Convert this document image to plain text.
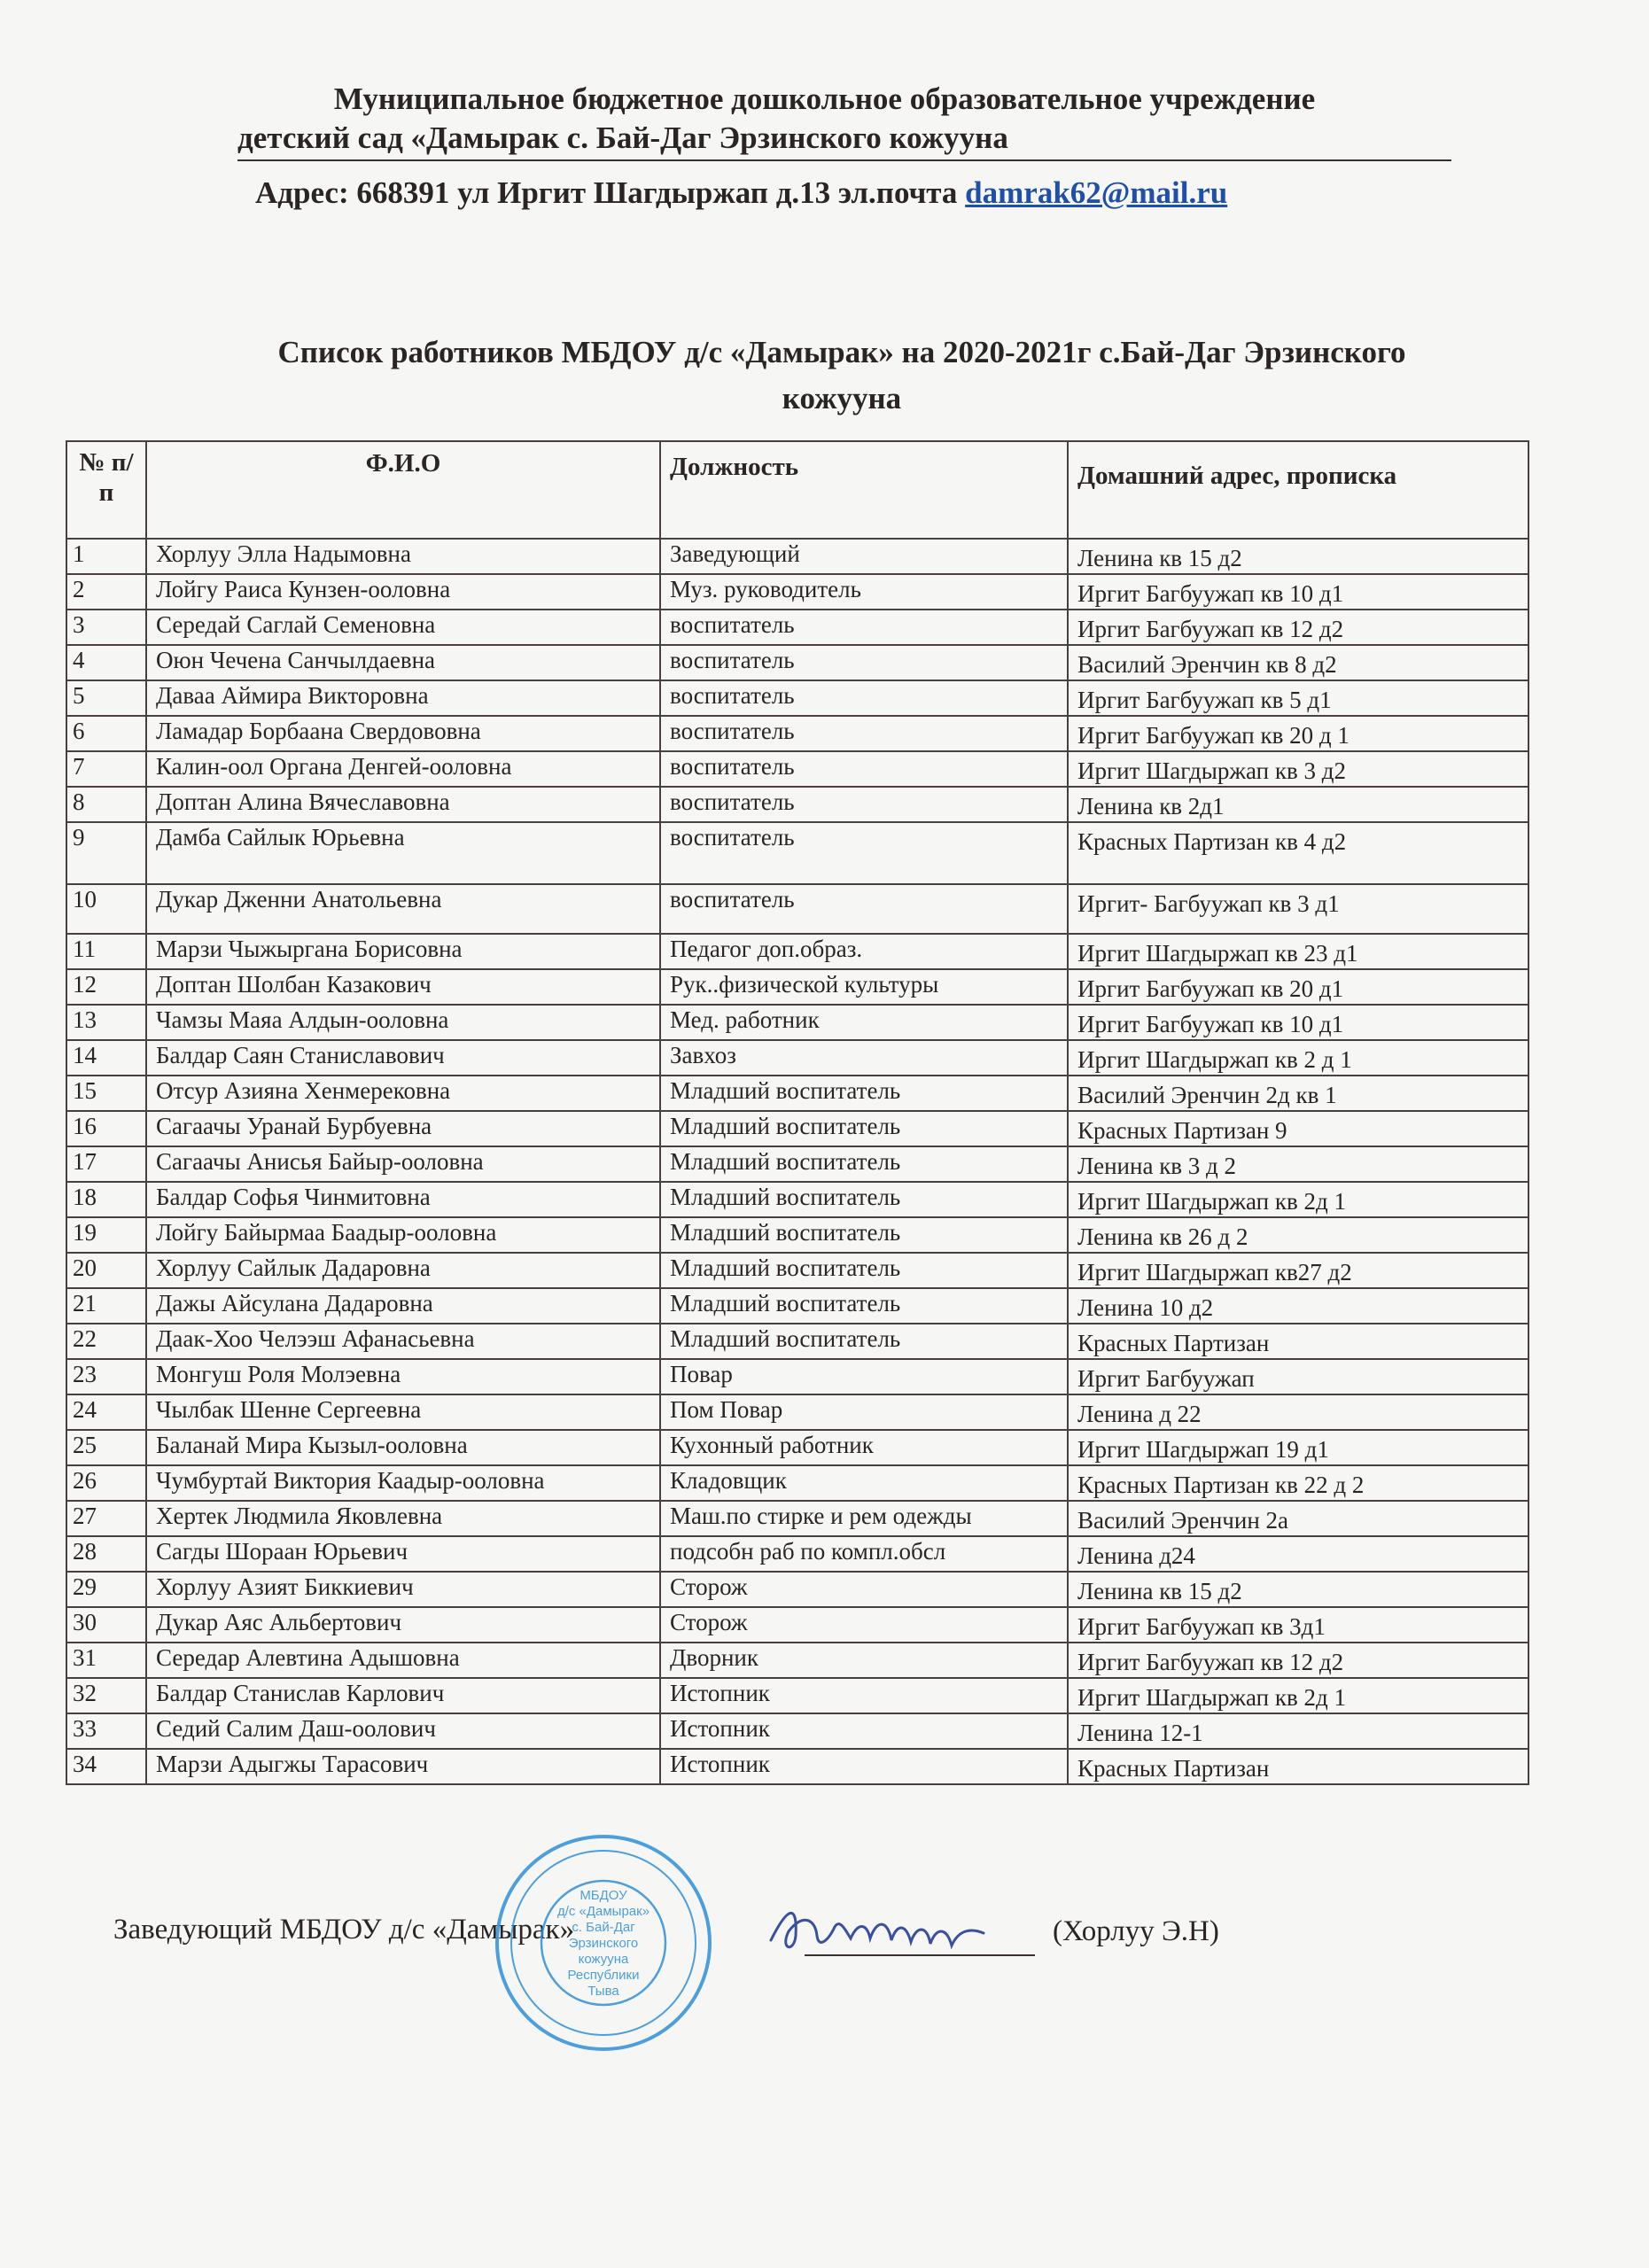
Муниципальное бюджетное дошкольное образовательное учреждение
детский сад «Дамырак с. Бай-Даг Эрзинского кожууна
Адрес: 668391 ул Иргит Шагдыржап д.13 эл.почта damrak62@mail.ru
Список работников МБДОУ д/с «Дамырак» на 2020-2021г с.Бай-Даг Эрзинского
кожууна
№ п/п	Ф.И.О	Должность	Домашний адрес, прописка
1	Хорлуу Элла Надымовна	Заведующий	Ленина кв 15 д2
2	Лойгу Раиса Кунзен-ооловна	Муз. руководитель	Иргит Багбуужап кв 10 д1
3	Середай Саглай Семеновна	воспитатель	Иргит Багбуужап кв 12 д2
4	Оюн Чечена Санчылдаевна	воспитатель	Василий Эренчин кв 8 д2
5	Даваа Аймира Викторовна	воспитатель	Иргит Багбуужап кв 5 д1
6	Ламадар Борбаана Свердововна	воспитатель	Иргит Багбуужап кв 20 д 1
7	Калин-оол Органа Денгей-ооловна	воспитатель	Иргит Шагдыржап кв 3 д2
8	Доптан Алина Вячеславовна	воспитатель	Ленина кв 2д1
9	Дамба Сайлык Юрьевна	воспитатель	Красных Партизан кв 4 д2
10	Дукар Дженни Анатольевна	воспитатель	Иргит- Багбуужап кв 3 д1
11	Марзи Чыжыргана Борисовна	Педагог доп.образ.	Иргит Шагдыржап кв 23 д1
12	Доптан Шолбан Казакович	Рук..физической культуры	Иргит Багбуужап кв 20 д1
13	Чамзы Маяа Алдын-ооловна	Мед. работник	Иргит Багбуужап кв 10 д1
14	Балдар Саян Станиславович	Завхоз	Иргит Шагдыржап кв 2 д 1
15	Отсур Азияна Хенмерековна	Младший воспитатель	Василий Эренчин 2д кв 1
16	Сагаачы Уранай Бурбуевна	Младший воспитатель	Красных Партизан 9
17	Сагаачы Анисья Байыр-ооловна	Младший воспитатель	Ленина кв 3 д 2
18	Балдар Софья Чинмитовна	Младший воспитатель	Иргит Шагдыржап кв 2д 1
19	Лойгу Байырмаа Баадыр-ооловна	Младший воспитатель	Ленина кв 26 д 2
20	Хорлуу Сайлык Дадаровна	Младший воспитатель	Иргит Шагдыржап кв27 д2
21	Дажы Айсулана Дадаровна	Младший воспитатель	Ленина 10 д2
22	Даак-Хоо Челээш Афанасьевна	Младший воспитатель	Красных Партизан
23	Монгуш Роля Молэевна	Повар	Иргит Багбуужап
24	Чылбак Шенне Сергеевна	Пом Повар	Ленина д 22
25	Баланай Мира Кызыл-ооловна	Кухонный работник	Иргит Шагдыржап 19 д1
26	Чумбуртай Виктория Каадыр-ооловна	Кладовщик	Красных Партизан кв 22 д 2
27	Хертек Людмила Яковлевна	Маш.по стирке и рем одежды	Василий Эренчин 2а
28	Сагды Шораан Юрьевич	подсобн раб по компл.обсл	Ленина д24
29	Хорлуу Азият Биккиевич	Сторож	Ленина кв 15 д2
30	Дукар Аяс Альбертович	Сторож	Иргит Багбуужап кв 3д1
31	Середар Алевтина Адышовна	Дворник	Иргит Багбуужап кв 12 д2
32	Балдар Станислав Карлович	Истопник	Иргит Шагдыржап кв 2д 1
33	Седий Салим Даш-оолович	Истопник	Ленина 12-1
34	Марзи Адыгжы Тарасович	Истопник	Красных Партизан
Заведующий МБДОУ д/с «Дамырак»	(Хорлуу Э.Н)
МБДОУ
д/с «Дамырак»
с. Бай-Даг
Эрзинского
кожууна
Республики
Тыва
